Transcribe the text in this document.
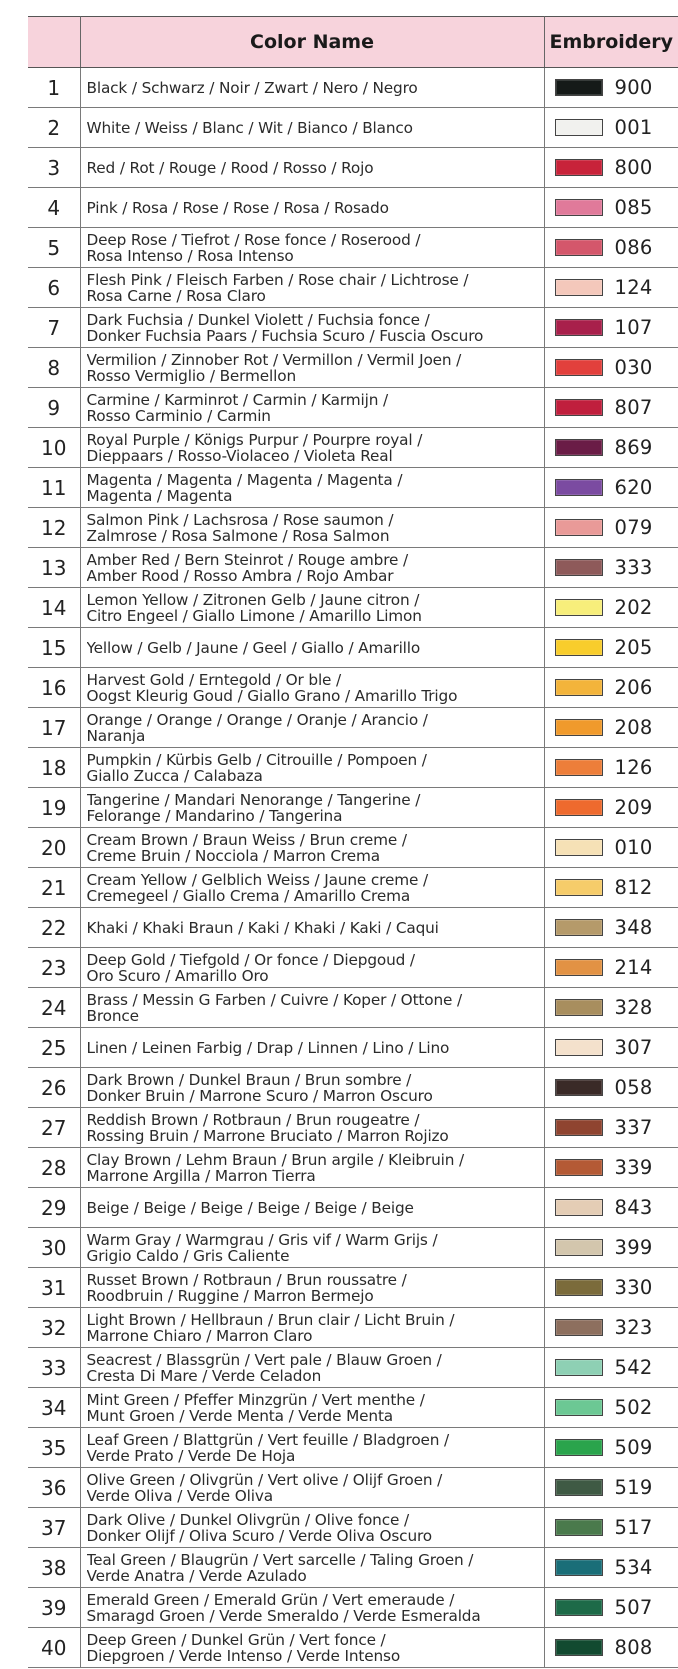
	Color Name	Embroidery
1	Black / Schwarz / Noir / Zwart / Nero / Negro	900

2	White / Weiss / Blanc / Wit / Bianco / Blanco	001

3	Red / Rot / Rouge / Rood / Rosso / Rojo	800

4	Pink / Rosa / Rose / Rose / Rosa / Rosado	085

5	Deep Rose / Tiefrot / Rose fonce / Roserood /
Rosa Intenso / Rosa Intenso	086

6	Flesh Pink / Fleisch Farben / Rose chair / Lichtrose /
Rosa Carne / Rosa Claro	124

7	Dark Fuchsia / Dunkel Violett / Fuchsia fonce /
Donker Fuchsia Paars / Fuchsia Scuro / Fuscia Oscuro	107

8	Vermilion / Zinnober Rot / Vermillon / Vermil Joen /
Rosso Vermiglio / Bermellon	030

9	Carmine / Karminrot / Carmin / Karmijn /
Rosso Carminio / Carmin	807

10	Royal Purple / Königs Purpur / Pourpre royal /
Dieppaars / Rosso-Violaceo / Violeta Real	869

11	Magenta / Magenta / Magenta / Magenta /
Magenta / Magenta	620

12	Salmon Pink / Lachsrosa / Rose saumon /
Zalmrose / Rosa Salmone / Rosa Salmon	079

13	Amber Red / Bern Steinrot / Rouge ambre /
Amber Rood / Rosso Ambra / Rojo Ambar	333

14	Lemon Yellow / Zitronen Gelb / Jaune citron /
Citro Engeel / Giallo Limone / Amarillo Limon	202

15	Yellow / Gelb / Jaune / Geel / Giallo / Amarillo	205

16	Harvest Gold / Erntegold / Or ble /
Oogst Kleurig Goud / Giallo Grano / Amarillo Trigo	206

17	Orange / Orange / Orange / Oranje / Arancio /
Naranja	208

18	Pumpkin / Kürbis Gelb / Citrouille / Pompoen /
Giallo Zucca / Calabaza	126

19	Tangerine / Mandari Nenorange / Tangerine /
Felorange / Mandarino / Tangerina	209

20	Cream Brown / Braun Weiss / Brun creme /
Creme Bruin / Nocciola / Marron Crema	010

21	Cream Yellow / Gelblich Weiss / Jaune creme /
Cremegeel / Giallo Crema / Amarillo Crema	812

22	Khaki / Khaki Braun / Kaki / Khaki / Kaki / Caqui	348

23	Deep Gold / Tiefgold / Or fonce / Diepgoud /
Oro Scuro / Amarillo Oro	214

24	Brass / Messin G Farben / Cuivre / Koper / Ottone /
Bronce	328

25	Linen / Leinen Farbig / Drap / Linnen / Lino / Lino	307

26	Dark Brown / Dunkel Braun / Brun sombre /
Donker Bruin / Marrone Scuro / Marron Oscuro	058

27	Reddish Brown / Rotbraun / Brun rougeatre /
Rossing Bruin / Marrone Bruciato / Marron Rojizo	337

28	Clay Brown / Lehm Braun / Brun argile / Kleibruin /
Marrone Argilla / Marron Tierra	339

29	Beige / Beige / Beige / Beige / Beige / Beige	843

30	Warm Gray / Warmgrau / Gris vif / Warm Grijs /
Grigio Caldo / Gris Caliente	399

31	Russet Brown / Rotbraun / Brun roussatre /
Roodbruin / Ruggine / Marron Bermejo	330

32	Light Brown / Hellbraun / Brun clair / Licht Bruin /
Marrone Chiaro / Marron Claro	323

33	Seacrest / Blassgrün / Vert pale / Blauw Groen /
Cresta Di Mare / Verde Celadon	542

34	Mint Green / Pfeffer Minzgrün / Vert menthe /
Munt Groen / Verde Menta / Verde Menta	502

35	Leaf Green / Blattgrün / Vert feuille / Bladgroen /
Verde Prato / Verde De Hoja	509

36	Olive Green / Olivgrün / Vert olive / Olijf Groen /
Verde Oliva / Verde Oliva	519

37	Dark Olive / Dunkel Olivgrün / Olive fonce /
Donker Olijf / Oliva Scuro / Verde Oliva Oscuro	517

38	Teal Green / Blaugrün / Vert sarcelle / Taling Groen /
Verde Anatra / Verde Azulado	534

39	Emerald Green / Emerald Grün / Vert emeraude /
Smaragd Groen / Verde Smeraldo / Verde Esmeralda	507

40	Deep Green / Dunkel Grün / Vert fonce /
Diepgroen / Verde Intenso / Verde Intenso	808
